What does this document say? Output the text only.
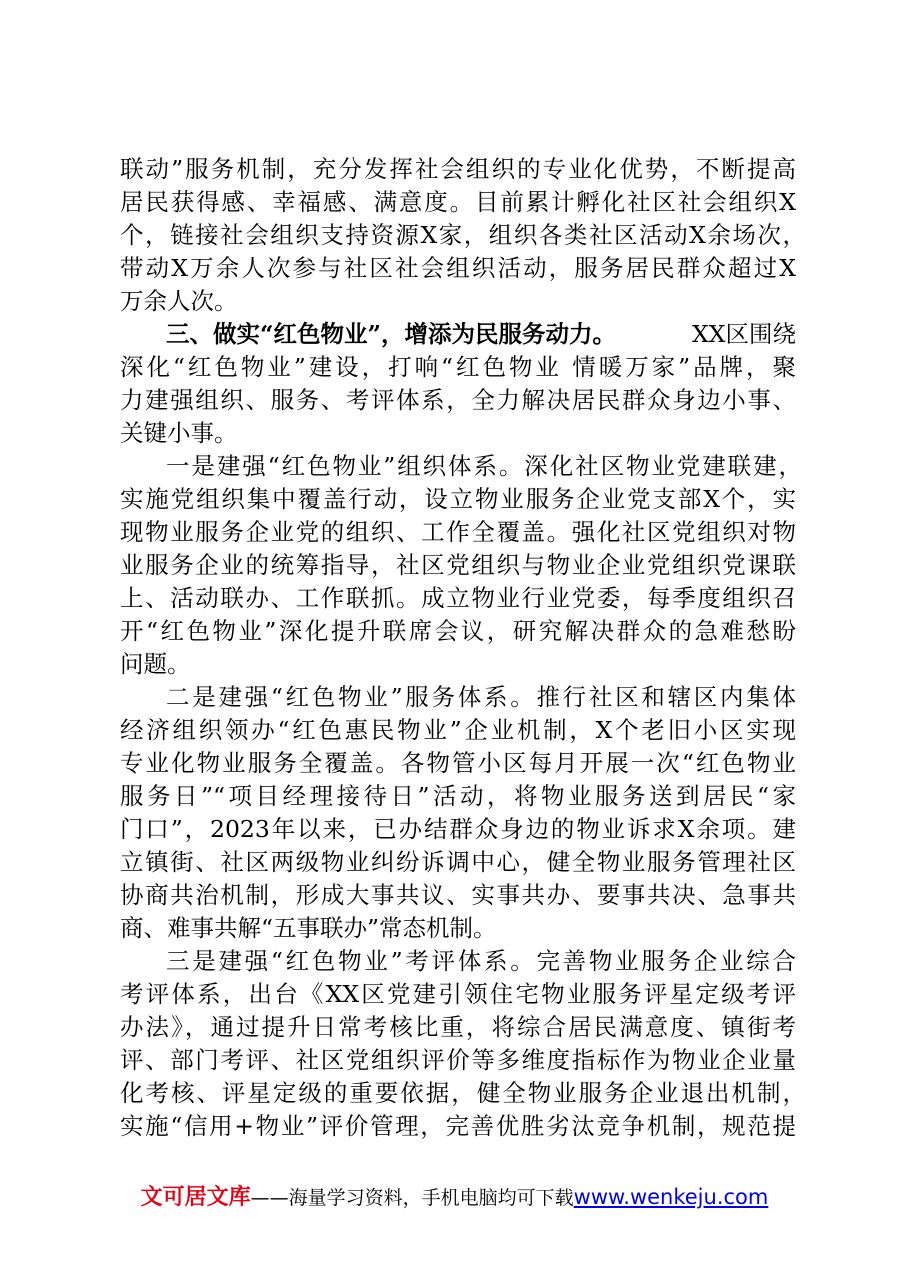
联动”服务机制，充分发挥社会组织的专业化优势，不断提高

居民获得感、幸福感、满意度。目前累计孵化社区社会组织X

个，链接社会组织支持资源X家，组织各类社区活动X余场次，

带动X万余人次参与社区社会组织活动，服务居民群众超过X

万余人次。

三、做实“红色物业”，增添为民服务动力。	XX区围绕

深化“红色物业”建设，打响“红色物业 情暖万家”品牌，聚

力建强组织、服务、考评体系，全力解决居民群众身边小事、

关键小事。

一是建强“红色物业”组织体系。深化社区物业党建联建，

实施党组织集中覆盖行动，设立物业服务企业党支部X个，实

现物业服务企业党的组织、工作全覆盖。强化社区党组织对物

业服务企业的统筹指导，社区党组织与物业企业党组织党课联

上、活动联办、工作联抓。成立物业行业党委，每季度组织召

开“红色物业”深化提升联席会议，研究解决群众的急难愁盼

问题。

二是建强“红色物业”服务体系。推行社区和辖区内集体

经济组织领办“红色惠民物业”企业机制，X个老旧小区实现

专业化物业服务全覆盖。各物管小区每月开展一次“红色物业

服务日”“项目经理接待日”活动，将物业服务送到居民“家

门口”，2023年以来，已办结群众身边的物业诉求X余项。建

立镇街、社区两级物业纠纷诉调中心，健全物业服务管理社区

协商共治机制，形成大事共议、实事共办、要事共决、急事共

商、难事共解“五事联办”常态机制。

三是建强“红色物业”考评体系。完善物业服务企业综合

考评体系，出台《XX区党建引领住宅物业服务评星定级考评

办法》，通过提升日常考核比重，将综合居民满意度、镇街考

评、部门考评、社区党组织评价等多维度指标作为物业企业量

化考核、评星定级的重要依据，健全物业服务企业退出机制，

实施“信用+物业”评价管理，完善优胜劣汰竞争机制，规范提

文可居文库——海量学习资料，手机电脑均可下载www.wenkeju.com
